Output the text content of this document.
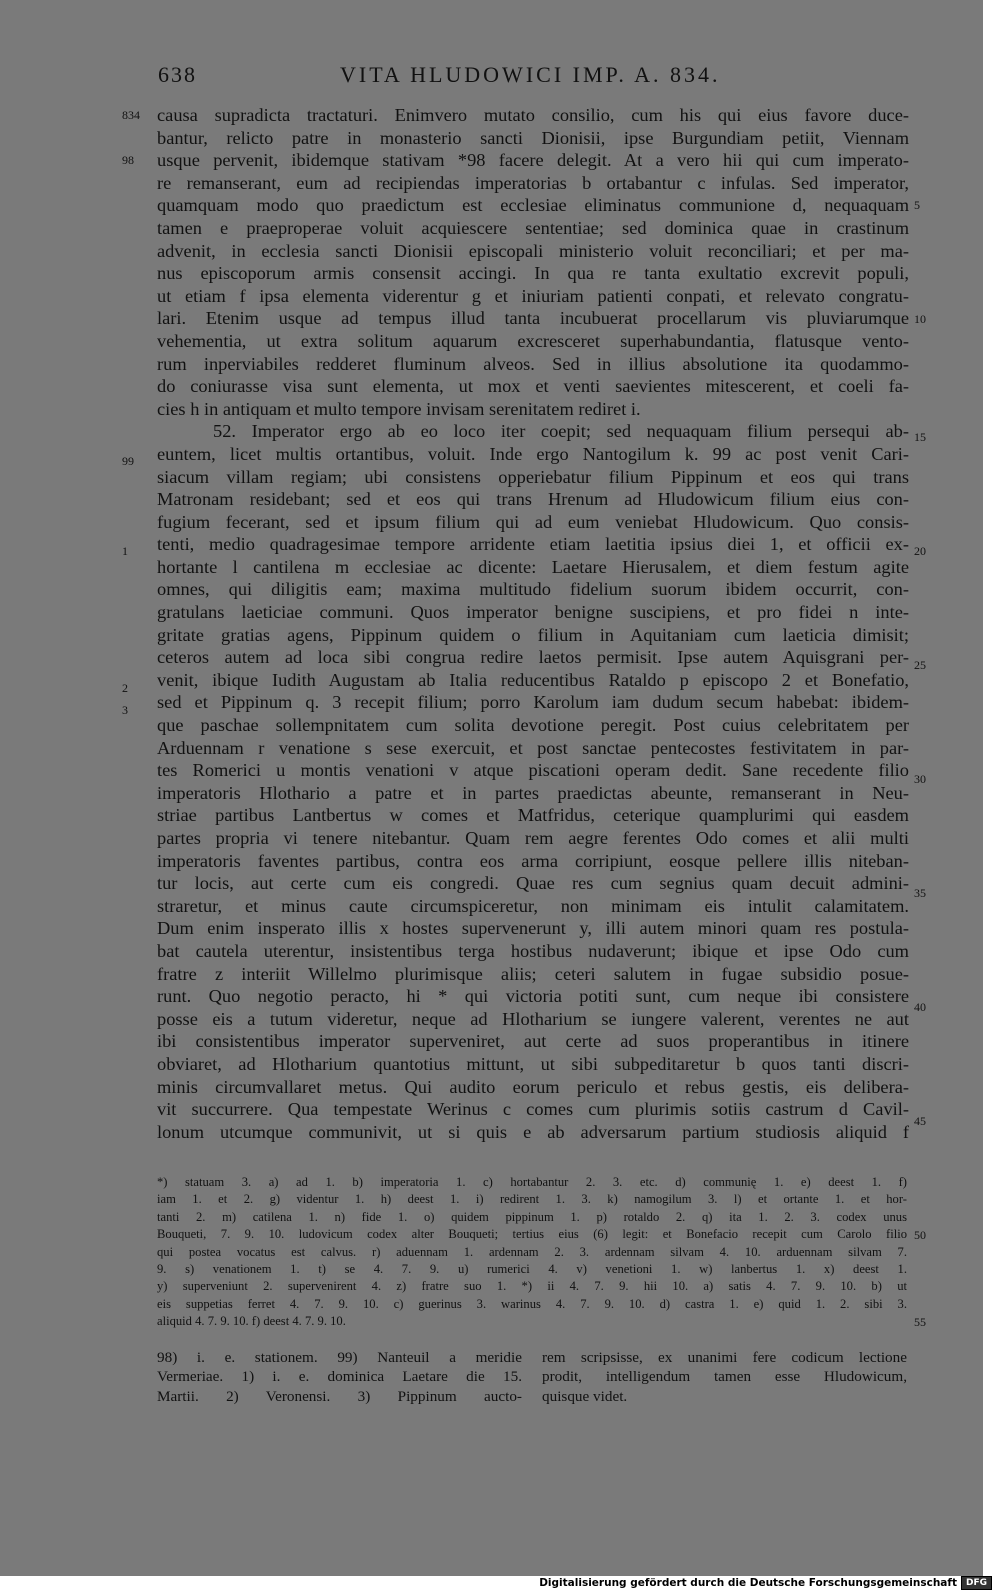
638	VITA HLUDOWICI IMP. A. 834.
834
98
99
1
2
3
5
10
15
20
25
30
35
40
45
causa supradicta tractaturi. Enimvero mutato consilio, cum his qui eius favore duce-
bantur, relicto patre in monasterio sancti Dionisii, ipse Burgundiam petiit, Viennam
usque pervenit, ibidemque stativam *98 facere delegit. At a vero hii qui cum imperato-
re remanserant, eum ad recipiendas imperatorias b ortabantur c infulas. Sed imperator,
quamquam modo quo praedictum est ecclesiae eliminatus communione d, nequaquam
tamen e praeproperae voluit acquiescere sententiae; sed dominica quae in crastinum
advenit, in ecclesia sancti Dionisii episcopali ministerio voluit reconciliari; et per ma-
nus episcoporum armis consensit accingi. In qua re tanta exultatio excrevit populi,
ut etiam f ipsa elementa viderentur g et iniuriam patienti conpati, et relevato congratu-
lari. Etenim usque ad tempus illud tanta incubuerat procellarum vis pluviarumque
vehementia, ut extra solitum aquarum excresceret superhabundantia, flatusque vento-
rum inperviabiles redderet fluminum alveos. Sed in illius absolutione ita quodammo-
do coniurasse visa sunt elementa, ut mox et venti saevientes mitescerent, et coeli fa-
cies h in antiquam et multo tempore invisam serenitatem rediret i.
52. Imperator ergo ab eo loco iter coepit; sed nequaquam filium persequi ab-
euntem, licet multis ortantibus, voluit. Inde ergo Nantogilum k. 99 ac post venit Cari-
siacum villam regiam; ubi consistens opperiebatur filium Pippinum et eos qui trans
Matronam residebant; sed et eos qui trans Hrenum ad Hludowicum filium eius con-
fugium fecerant, sed et ipsum filium qui ad eum veniebat Hludowicum. Quo consis-
tenti, medio quadragesimae tempore arridente etiam laetitia ipsius diei 1, et officii ex-
hortante l cantilena m ecclesiae ac dicente: Laetare Hierusalem, et diem festum agite
omnes, qui diligitis eam; maxima multitudo fidelium suorum ibidem occurrit, con-
gratulans laeticiae communi. Quos imperator benigne suscipiens, et pro fidei n inte-
gritate gratias agens, Pippinum quidem o filium in Aquitaniam cum laeticia dimisit;
ceteros autem ad loca sibi congrua redire laetos permisit. Ipse autem Aquisgrani per-
venit, ibique Iudith Augustam ab Italia reducentibus Rataldo p episcopo 2 et Bonefatio,
sed et Pippinum q. 3 recepit filium; porro Karolum iam dudum secum habebat: ibidem-
que paschae sollempnitatem cum solita devotione peregit. Post cuius celebritatem per
Arduennam r venatione s sese exercuit, et post sanctae pentecostes festivitatem in par-
tes Romerici u montis venationi v atque piscationi operam dedit. Sane recedente filio
imperatoris Hlothario a patre et in partes praedictas abeunte, remanserant in Neu-
striae partibus Lantbertus w comes et Matfridus, ceterique quamplurimi qui easdem
partes propria vi tenere nitebantur. Quam rem aegre ferentes Odo comes et alii multi
imperatoris faventes partibus, contra eos arma corripiunt, eosque pellere illis niteban-
tur locis, aut certe cum eis congredi. Quae res cum segnius quam decuit admini-
straretur, et minus caute circumspiceretur, non minimam eis intulit calamitatem.
Dum enim insperato illis x hostes supervenerunt y, illi autem minori quam res postula-
bat cautela uterentur, insistentibus terga hostibus nudaverunt; ibique et ipse Odo cum
fratre z interiit Willelmo plurimisque aliis; ceteri salutem in fugae subsidio posue-
runt. Quo negotio peracto, hi * qui victoria potiti sunt, cum neque ibi consistere
posse eis a tutum videretur, neque ad Hlotharium se iungere valerent, verentes ne aut
ibi consistentibus imperator superveniret, aut certe ad suos properantibus in itinere
obviaret, ad Hlotharium quantotius mittunt, ut sibi subpeditaretur b quos tanti discri-
minis circumvallaret metus. Qui audito eorum periculo et rebus gestis, eis delibera-
vit succurrere. Qua tempestate Werinus c comes cum plurimis sotiis castrum d Cavil-
lonum utcumque communivit, ut si quis e ab adversarum partium studiosis aliquid f
*) statuam 3. a) ad 1. b) imperatoria 1. c) hortabantur 2. 3. etc. d) communię 1. e) deest 1. f)
iam 1. et 2. g) videntur 1. h) deest 1. i) redirent 1. 3. k) namogilum 3. l) et ortante 1. et hor-
tanti 2. m) catilena 1. n) fide 1. o) quidem pippinum 1. p) rotaldo 2. q) ita 1. 2. 3. codex unus
Bouqueti, 7. 9. 10. ludovicum codex alter Bouqueti; tertius eius (6) legit: et Bonefacio recepit cum Carolo filio
qui postea vocatus est calvus. r) aduennam 1. ardennam 2. 3. ardennam silvam 4. 10. arduennam silvam 7.
9. s) venationem 1. t) se 4. 7. 9. u) rumerici 4. v) venetioni 1. w) lanbertus 1. x) deest 1.
y) superveniunt 2. supervenirent 4. z) fratre suo 1. *) ii 4. 7. 9. hii 10. a) satis 4. 7. 9. 10. b) ut
eis suppetias ferret 4. 7. 9. 10. c) guerinus 3. warinus 4. 7. 9. 10. d) castra 1. e) quid 1. 2. sibi 3.
aliquid 4. 7. 9. 10. f) deest 4. 7. 9. 10.
50
55
98) i. e. stationem. 99) Nanteuil a meridie
Vermeriae. 1) i. e. dominica Laetare die 15.
Martii. 2) Veronensi. 3) Pippinum aucto-
rem scripsisse, ex unanimi fere codicum lectione
prodit, intelligendum tamen esse Hludowicum,
quisque videt.
Digitalisierung gefördert durch die Deutsche Forschungsgemeinschaft	DFG
